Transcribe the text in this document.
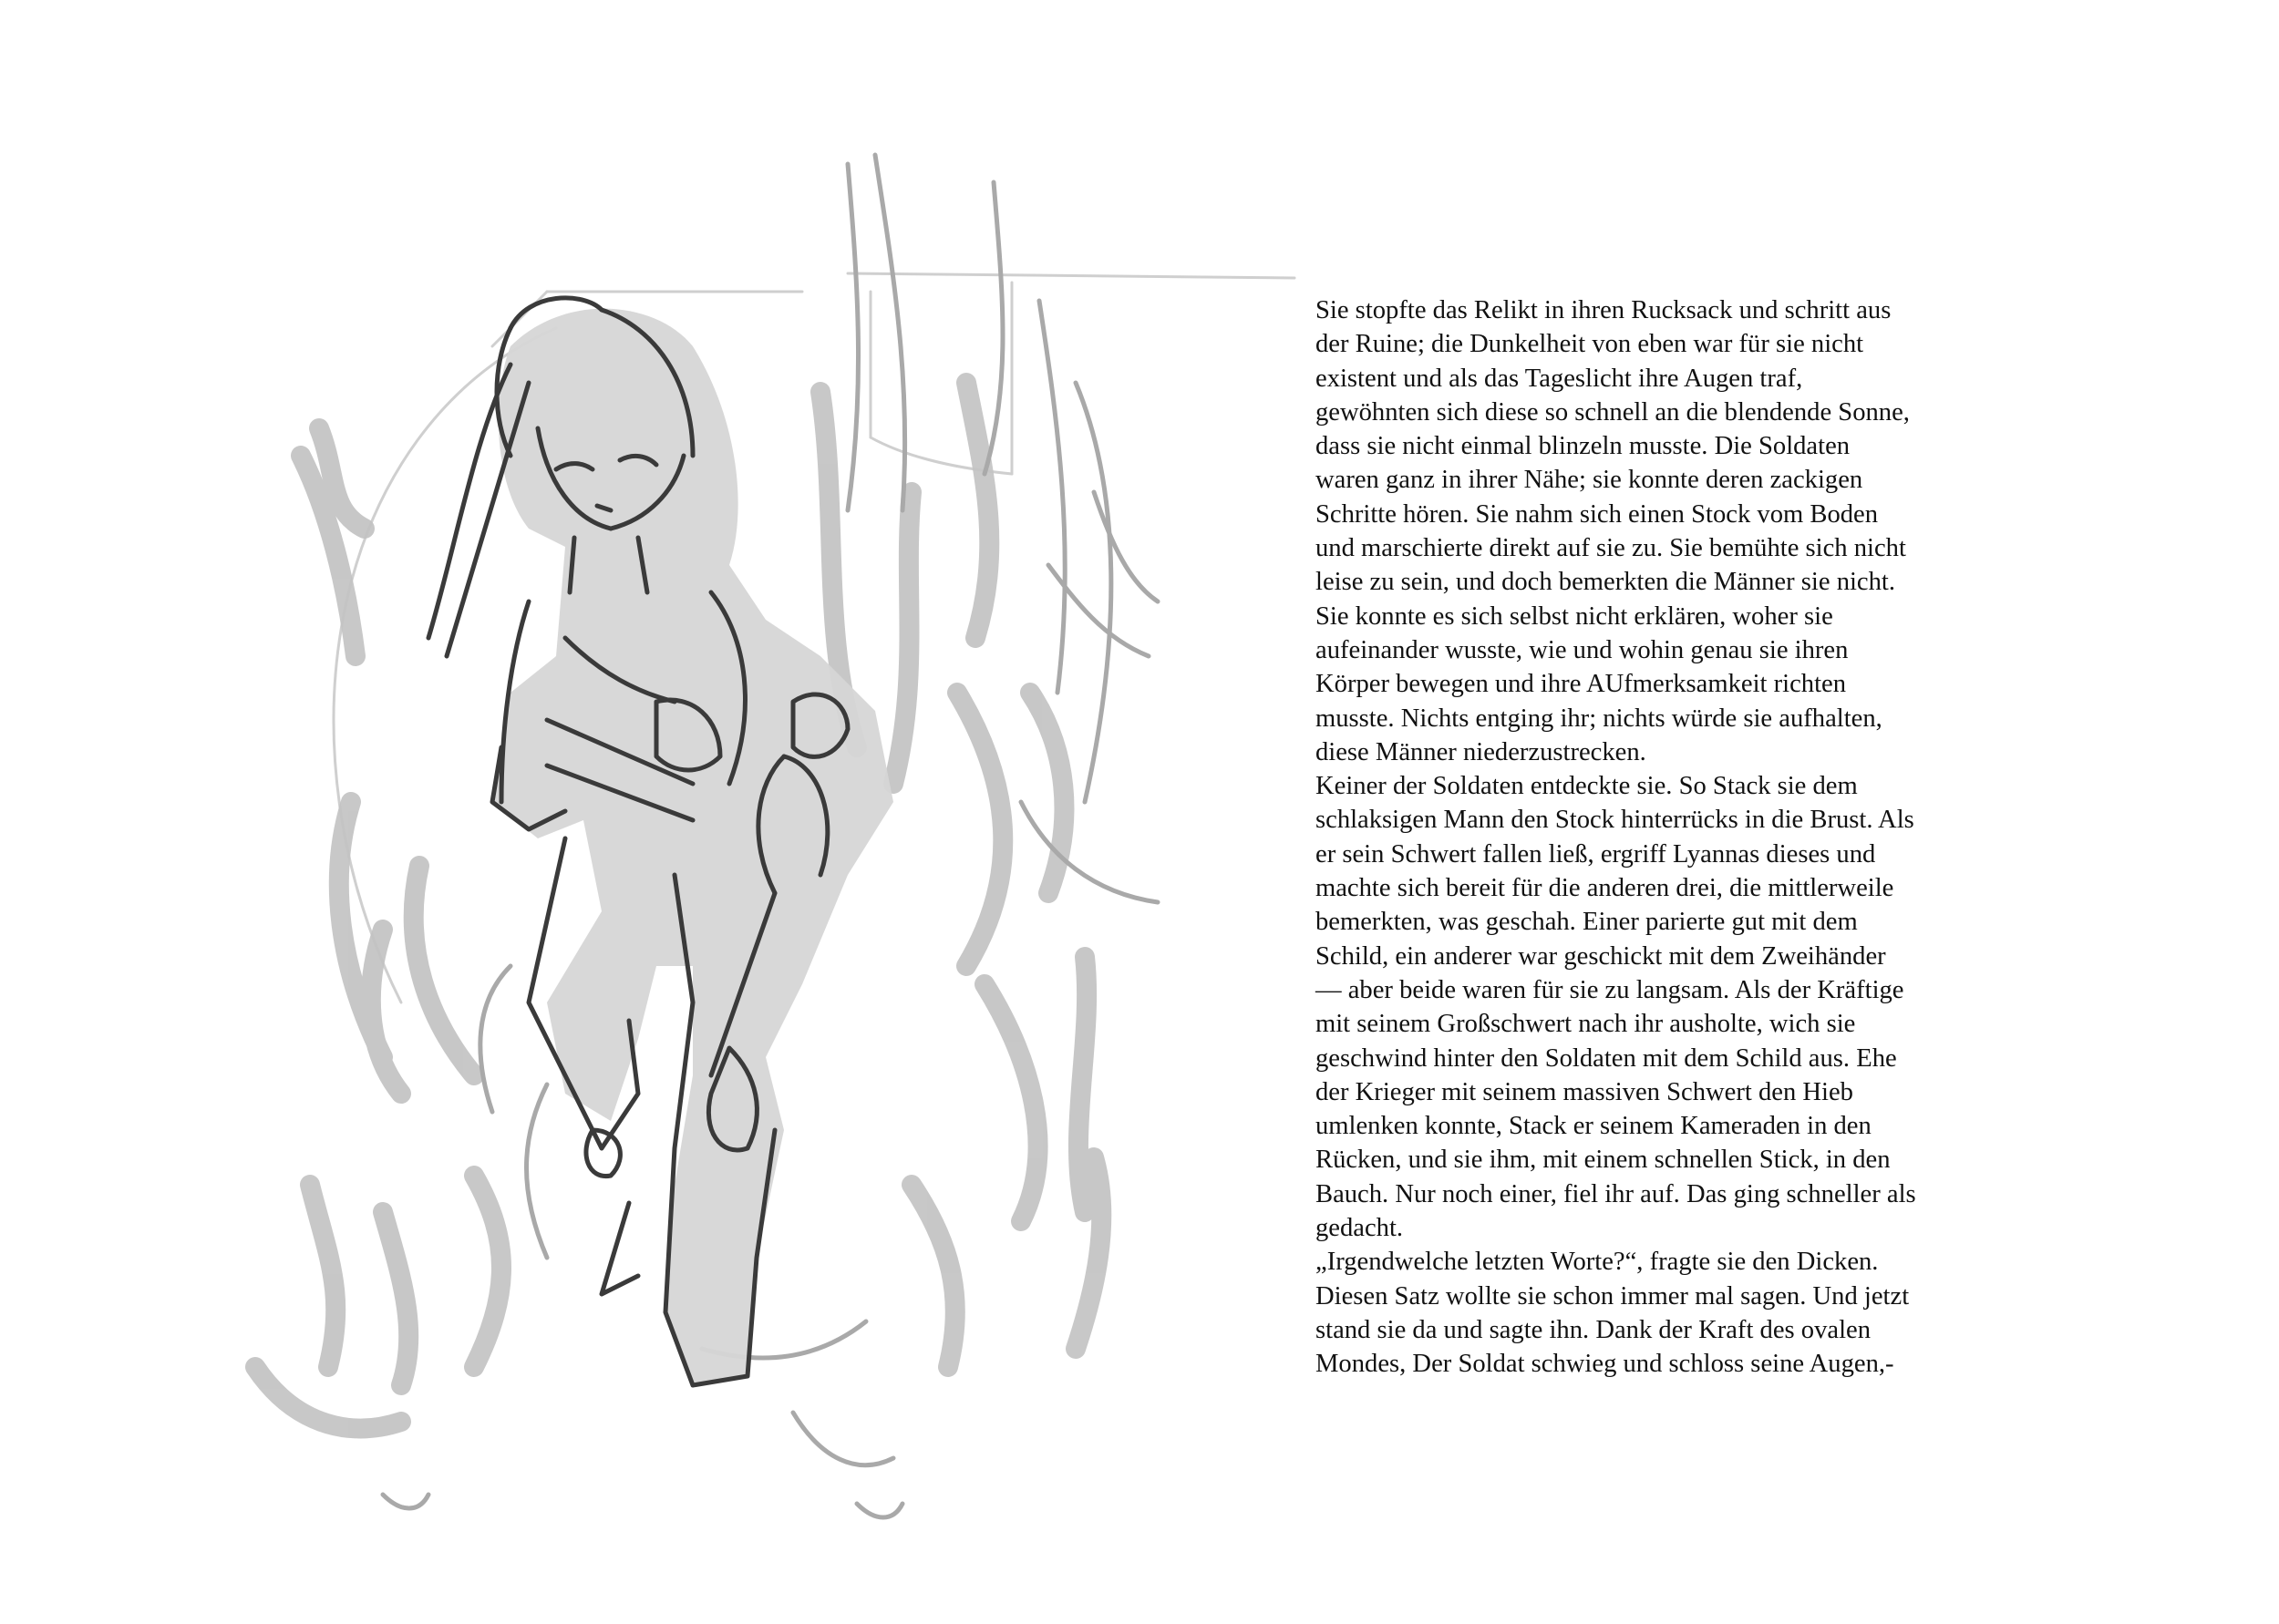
Sie stopfte das Relikt in ihren Rucksack und schritt aus
der Ruine; die Dunkelheit von eben war für sie nicht
existent und als das Tageslicht ihre Augen traf,
gewöhnten sich diese so schnell an die blendende Sonne,
dass sie nicht einmal blinzeln musste. Die Soldaten
waren ganz in ihrer Nähe; sie konnte deren zackigen
Schritte hören. Sie nahm sich einen Stock vom Boden
und marschierte direkt auf sie zu. Sie bemühte sich nicht
leise zu sein, und doch bemerkten die Männer sie nicht.
Sie konnte es sich selbst nicht erklären, woher sie
aufeinander wusste, wie und wohin genau sie ihren
Körper bewegen und ihre AUfmerksamkeit richten
musste. Nichts entging ihr; nichts würde sie aufhalten,
diese Männer niederzustrecken.
Keiner der Soldaten entdeckte sie. So Stack sie dem
schlaksigen Mann den Stock hinterrücks in die Brust. Als
er sein Schwert fallen ließ, ergriff Lyannas dieses und
machte sich bereit für die anderen drei, die mittlerweile
bemerkten, was geschah. Einer parierte gut mit dem
Schild, ein anderer war geschickt mit dem Zweihänder
— aber beide waren für sie zu langsam. Als der Kräftige
mit seinem Großschwert nach ihr ausholte, wich sie
geschwind hinter den Soldaten mit dem Schild aus. Ehe
der Krieger mit seinem massiven Schwert den Hieb
umlenken konnte, Stack er seinem Kameraden in den
Rücken, und sie ihm, mit einem schnellen Stick, in den
Bauch. Nur noch einer, fiel ihr auf. Das ging schneller als
gedacht.
„Irgendwelche letzten Worte?“, fragte sie den Dicken.
Diesen Satz wollte sie schon immer mal sagen. Und jetzt
stand sie da und sagte ihn. Dank der Kraft des ovalen
Mondes, Der Soldat schwieg und schloss seine Augen,-
